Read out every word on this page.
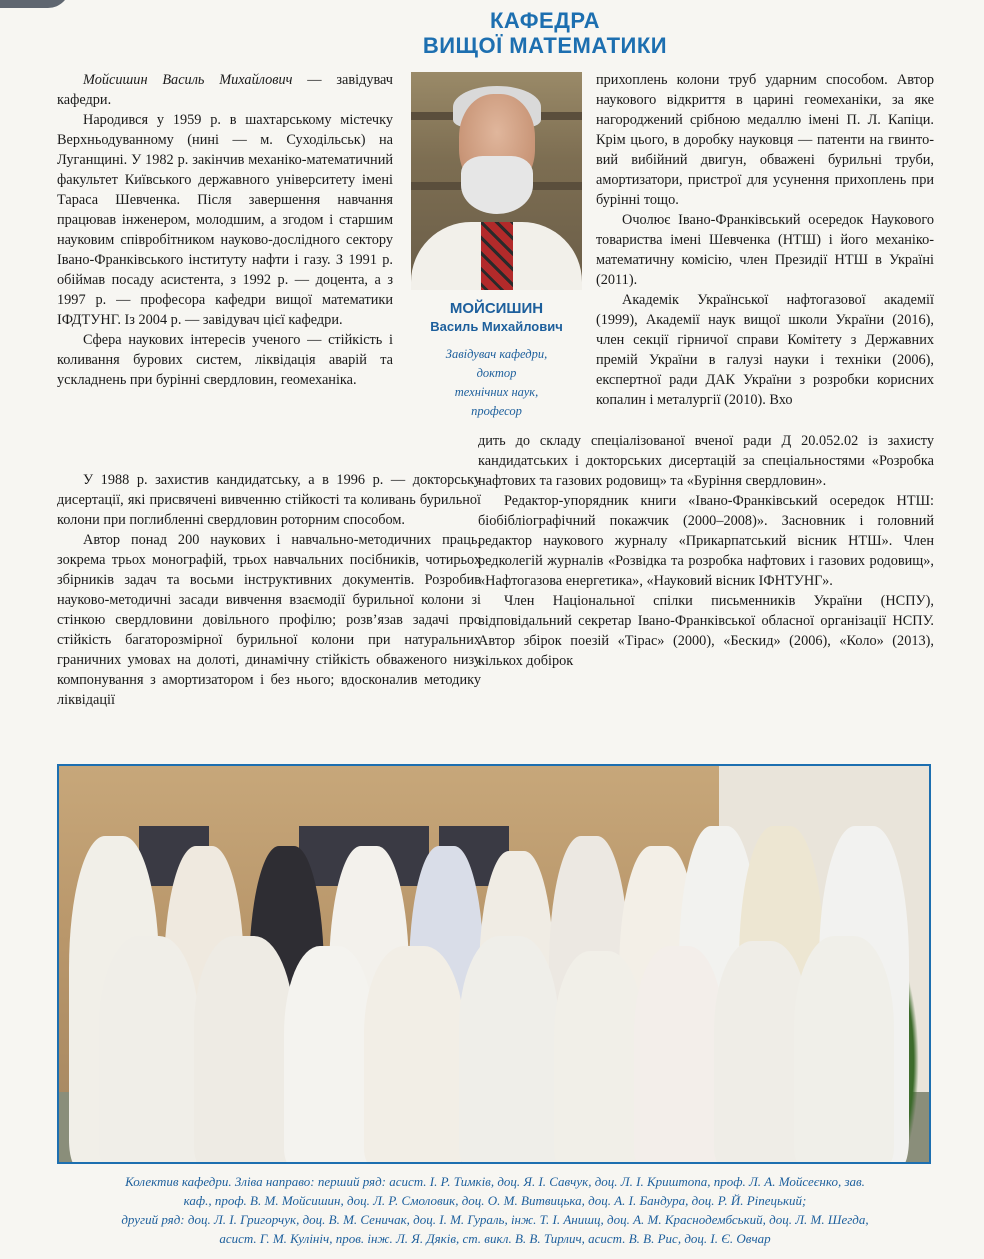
КАФЕДРА
ВИЩОЇ МАТЕМАТИКИ

Мойсишин Василь Михайлович — завідувач кафедри.

Народився у 1959 р. в шахтарському містечку Верхньодуванному (нині — м. Суходільськ) на Луганщині. У 1982 р. закінчив механіко-математичний факультет Київського державного університету імені Тараса Шевченка. Після завершення навчання працював інженером, молодшим, а згодом і старшим науковим співробітником науково-дослідного сектору Івано-Франківського інституту нафти і газу. З 1991 р. обіймав посаду асистента, з 1992 р. — доцента, а з 1997 р. — професора кафедри вищої математики ІФДТУНГ. Із 2004 р. — завідувач цієї кафедри.

Сфера наукових інтересів ученого — стійкість і коливання бурових систем, ліквідація аварій та ускладнень при бурінні свердловин, геомеханіка.

МОЙСИШИН
Василь Михайлович
Завідувач кафедри,
доктор
технічних наук,
професор

У 1988 р. захистив кандидатську, а в 1996 р. — докторську дисертації, які присвячені вивченню стійкості та коливань бурильної колони при поглибленні свердловин роторним способом.

Автор понад 200 наукових і навчально-методичних праць, зокрема трьох монографій, трьох навчальних посібників, чотирьох збірників задач та восьми інструктивних документів. Розробив науково-методичні засади вивчення взаємодії бурильної колони зі стінкою свердловини довільного профілю; розв’язав задачі про стійкість багаторозмірної бурильної колони при натуральних граничних умовах на долоті, динамічну стійкість обваженого низу компонування з амортизатором і без нього; вдосконалив методику ліквідації

прихоплень колони труб ударним способом. Автор наукового відкриття в царині геомеханіки, за яке нагороджений срібною медаллю імені П. Л. Капіци. Крім цього, в доробку науковця — патенти на гвинтовий вибійний двигун, обважені бурильні труби, амортизатори, пристрої для усунення прихоплень при бурінні тощо.

Очолює Івано-Франківський осередок Наукового товариства імені Шевченка (НТШ) і його механіко-математичну комісію, член Президії НТШ в Україні (2011).

Академік Української нафтогазової академії (1999), Академії наук вищої школи України (2016), член секції гірничої справи Комітету з Державних премій України в галузі науки і техніки (2006), експертної ради ДАК України з розробки корисних копалин і металургії (2010). Вхо

дить до складу спеціалізованої вченої ради Д 20.052.02 із захисту кандидатських і докторських дисертацій за спеціальностями «Розробка нафтових та газових родовищ» та «Буріння свердловин».

Редактор-упорядник книги «Івано-Франківський осередок НТШ: біобібліографічний покажчик (2000–2008)». Засновник і головний редактор наукового журналу «Прикарпатський вісник НТШ». Член редколегій журналів «Розвідка та розробка нафтових і газових родовищ», «Нафтогазова енергетика», «Науковий вісник ІФНТУНГ».

Член Національної спілки письменників України (НСПУ), відповідальний секретар Івано-Франківської обласної організації НСПУ. Автор збірок поезій «Тірас» (2000), «Бескид» (2006), «Коло» (2013), кількох добірок

Колектив кафедри. Зліва направо: перший ряд: асист. І. Р. Тимків, доц. Я. І. Савчук, доц. Л. І. Криштопа, проф. Л. А. Мойсеєнко, зав.
каф., проф. В. М. Мойсишин, доц. Л. Р. Смоловик, доц. О. М. Витвицька, доц. А. І. Бандура, доц. Р. Й. Ріпецький;
другий ряд: доц. Л. І. Григорчук, доц. В. М. Сеничак, доц. І. М. Гураль, інж. Т. І. Анишц, доц. А. М. Краснодембський, доц. Л. М. Шегда,
асист. Г. М. Кулініч, пров. інж. Л. Я. Дяків, ст. викл. В. В. Тирлич, асист. В. В. Рис, доц. І. Є. Овчар
